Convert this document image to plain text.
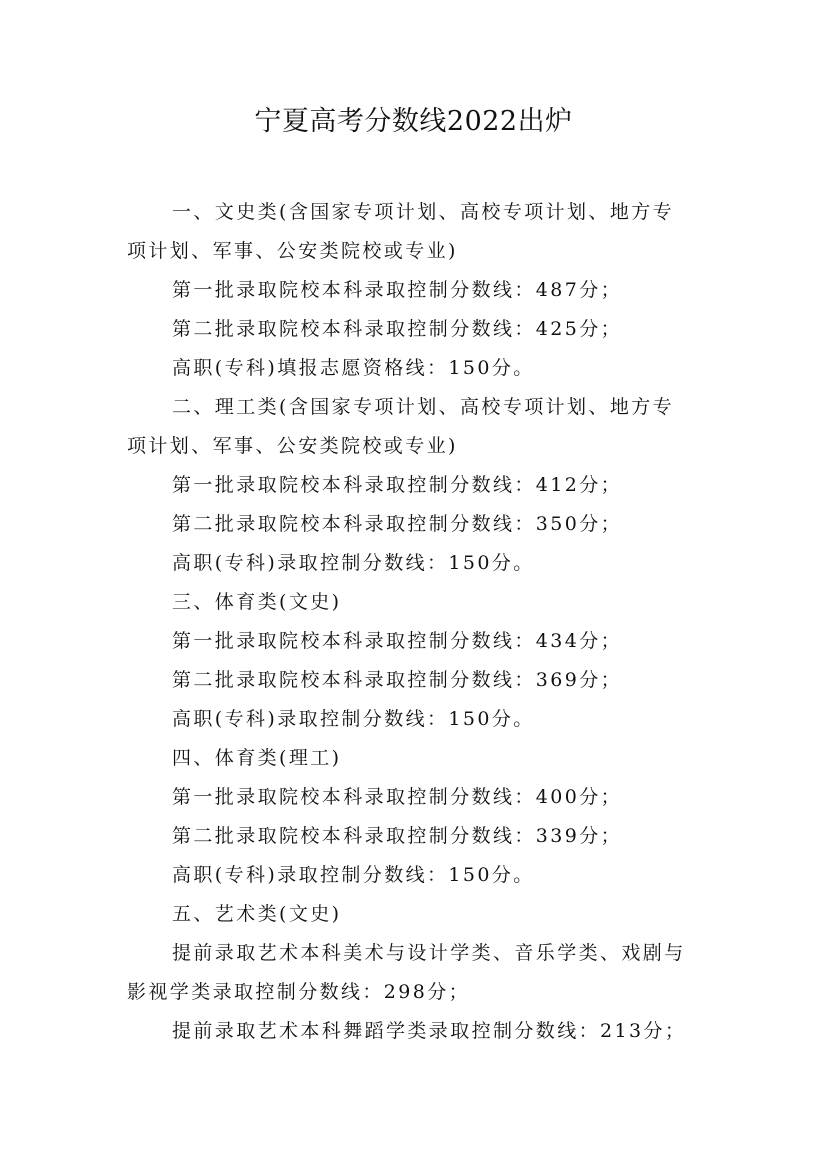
宁夏高考分数线2022出炉

一、文史类(含国家专项计划、高校专项计划、地方专

项计划、军事、公安类院校或专业)

第一批录取院校本科录取控制分数线：487分；

第二批录取院校本科录取控制分数线：425分；

高职(专科)填报志愿资格线：150分。

二、理工类(含国家专项计划、高校专项计划、地方专

项计划、军事、公安类院校或专业)

第一批录取院校本科录取控制分数线：412分；

第二批录取院校本科录取控制分数线：350分；

高职(专科)录取控制分数线：150分。

三、体育类(文史)

第一批录取院校本科录取控制分数线：434分；

第二批录取院校本科录取控制分数线：369分；

高职(专科)录取控制分数线：150分。

四、体育类(理工)

第一批录取院校本科录取控制分数线：400分；

第二批录取院校本科录取控制分数线：339分；

高职(专科)录取控制分数线：150分。

五、艺术类(文史)

提前录取艺术本科美术与设计学类、音乐学类、戏剧与

影视学类录取控制分数线：298分；

提前录取艺术本科舞蹈学类录取控制分数线：213分；
